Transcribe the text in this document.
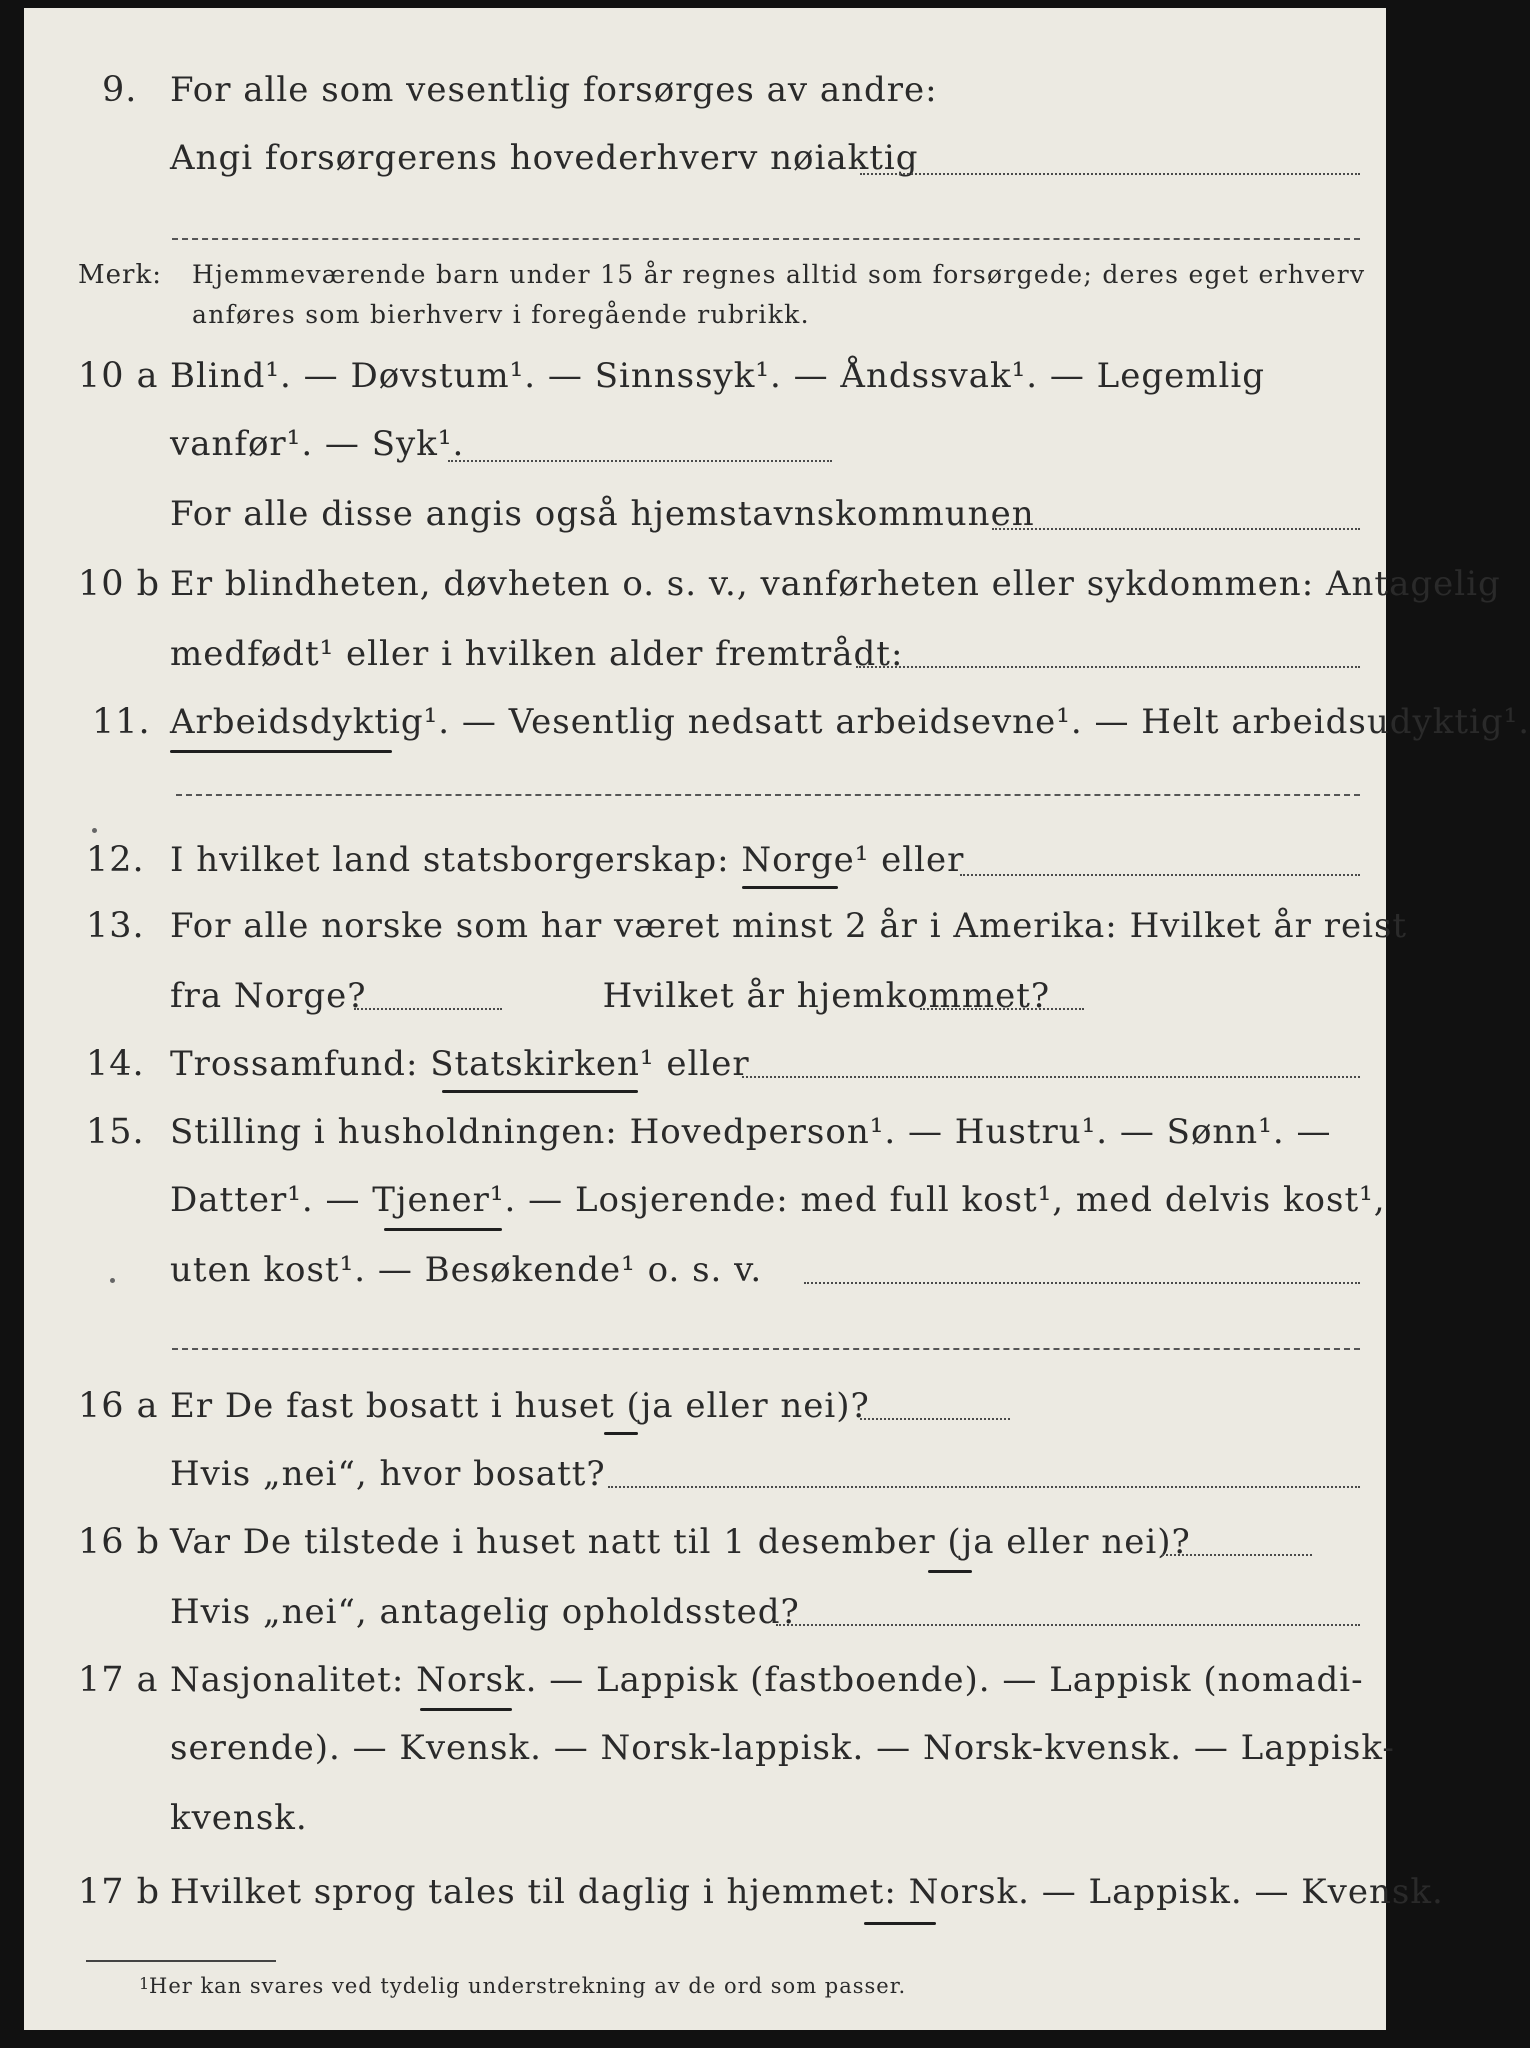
9. For alle som vesentlig forsørges av andre:
Angi forsørgerens hovederhverv nøiaktig
Merk: Hjemmeværende barn under 15 år regnes alltid som forsørgede; deres eget erhverv
anføres som bierhverv i foregående rubrikk.
10 a Blind¹. — Døvstum¹. — Sinnssyk¹. — Åndssvak¹. — Legemlig
vanfør¹. — Syk¹.
For alle disse angis også hjemstavnskommunen
10 b Er blindheten, døvheten o. s. v., vanførheten eller sykdommen: Antagelig
medfødt¹ eller i hvilken alder fremtrådt:
11. Arbeidsdyktig¹. — Vesentlig nedsatt arbeidsevne¹. — Helt arbeidsudyktig¹.
12. I hvilket land statsborgerskap: Norge¹ eller
13. For alle norske som har været minst 2 år i Amerika: Hvilket år reist
fra Norge?                    Hvilket år hjemkommet?
14. Trossamfund: Statskirken¹ eller
15. Stilling i husholdningen: Hovedperson¹. — Hustru¹. — Sønn¹. —
Datter¹. — Tjener¹. — Losjerende: med full kost¹, med delvis kost¹,
uten kost¹. — Besøkende¹ o. s. v.
16 a Er De fast bosatt i huset (ja eller nei)?
Hvis „nei“, hvor bosatt?
16 b Var De tilstede i huset natt til 1 desember (ja eller nei)?
Hvis „nei“, antagelig opholdssted?
17 a Nasjonalitet: Norsk. — Lappisk (fastboende). — Lappisk (nomadi-
serende). — Kvensk. — Norsk-lappisk. — Norsk-kvensk. — Lappisk-
kvensk.
17 b Hvilket sprog tales til daglig i hjemmet: Norsk. — Lappisk. — Kvensk.
1 Her kan svares ved tydelig understrekning av de ord som passer.
